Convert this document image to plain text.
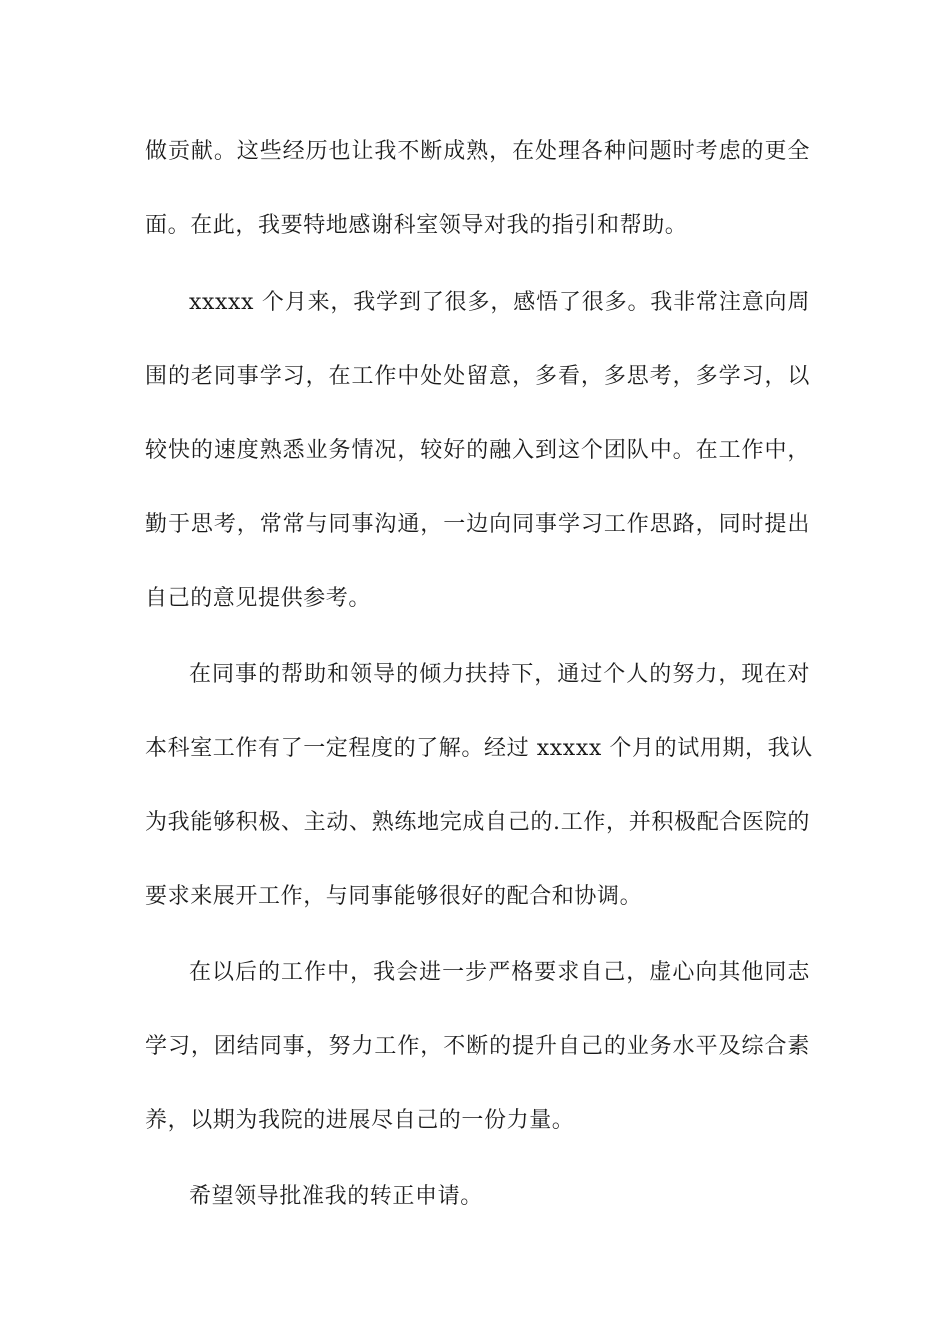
做贡献。这些经历也让我不断成熟，在处理各种问题时考虑的更全
面。在此，我要特地感谢科室领导对我的指引和帮助。
xxxxx 个月来，我学到了很多，感悟了很多。我非常注意向周
围的老同事学习，在工作中处处留意，多看，多思考，多学习，以
较快的速度熟悉业务情况，较好的融入到这个团队中。在工作中，
勤于思考，常常与同事沟通，一边向同事学习工作思路，同时提出
自己的意见提供参考。
在同事的帮助和领导的倾力扶持下，通过个人的努力，现在对
本科室工作有了一定程度的了解。经过 xxxxx 个月的试用期，我认
为我能够积极、主动、熟练地完成自己的.工作，并积极配合医院的
要求来展开工作，与同事能够很好的配合和协调。
在以后的工作中，我会进一步严格要求自己，虚心向其他同志
学习，团结同事，努力工作，不断的提升自己的业务水平及综合素
养，以期为我院的进展尽自己的一份力量。
希望领导批准我的转正申请。
